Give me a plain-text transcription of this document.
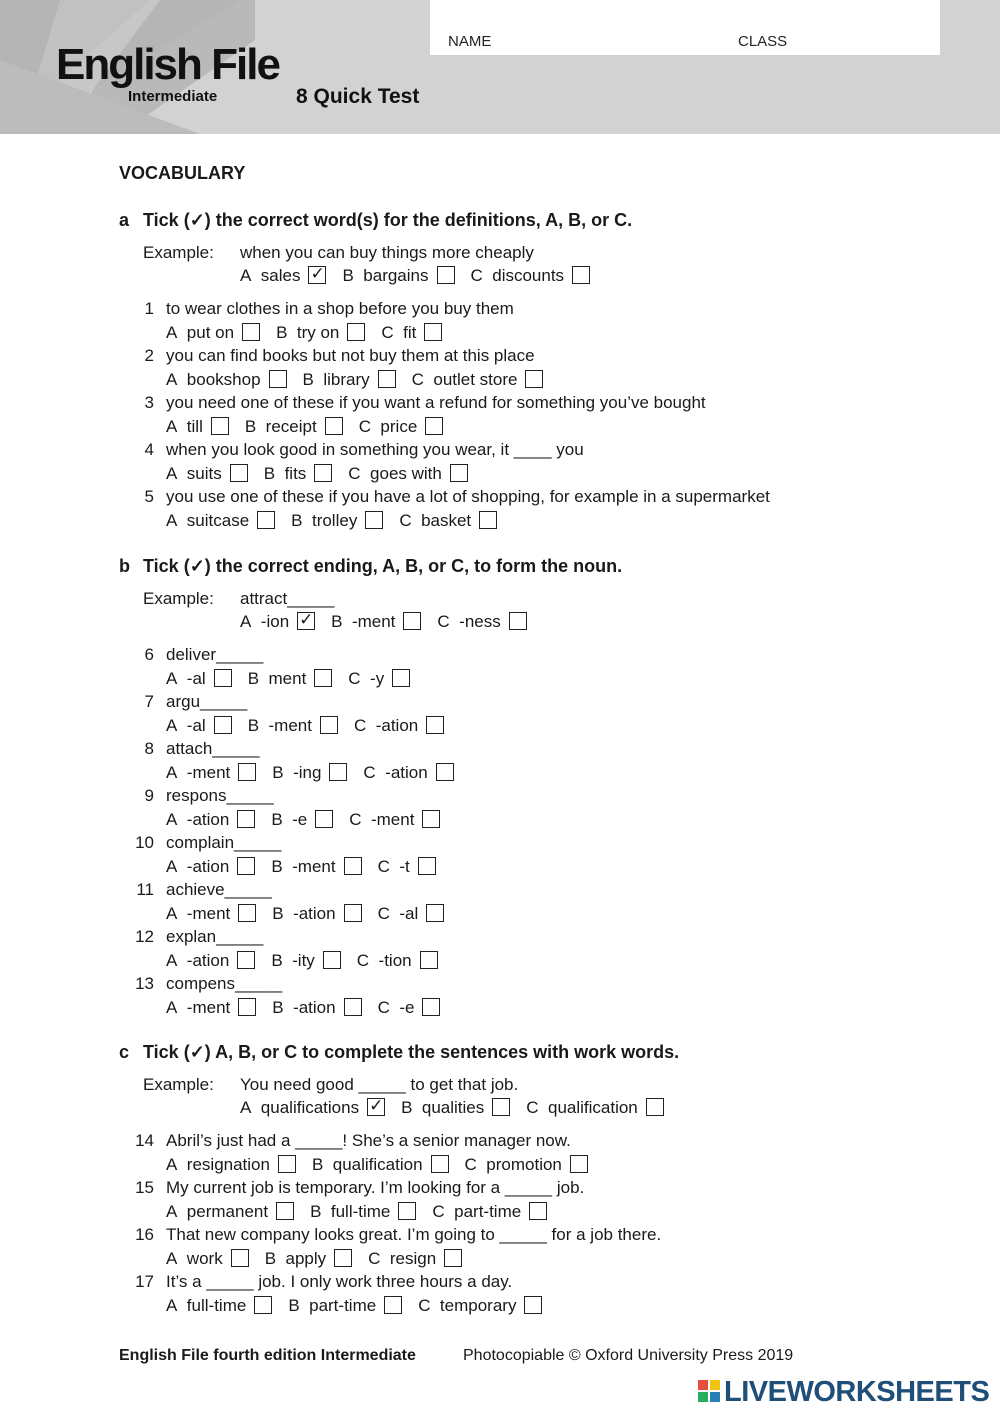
English File
Intermediate	8 Quick Test
NAME	CLASS
VOCABULARY
a Tick (✓) the correct word(s) for the definitions, A, B, or C.
Example: when you can buy things more cheaply
A sales ✓ B bargains C discounts
1 to wear clothes in a shop before you buy them
A put on B try on C fit
2 you can find books but not buy them at this place
A bookshop B library C outlet store
3 you need one of these if you want a refund for something you’ve bought
A till B receipt C price
4 when you look good in something you wear, it ____ you
A suits B fits C goes with
5 you use one of these if you have a lot of shopping, for example in a supermarket
A suitcase B trolley C basket
b Tick (✓) the correct ending, A, B, or C, to form the noun.
Example: attract_____
A -ion ✓ B -ment C -ness
6 deliver_____
A -al B ment C -y
7 argu_____
A -al B -ment C -ation
8 attach_____
A -ment B -ing C -ation
9 respons_____
A -ation B -e C -ment
10 complain_____
A -ation B -ment C -t
11 achieve_____
A -ment B -ation C -al
12 explan_____
A -ation B -ity C -tion
13 compens_____
A -ment B -ation C -e
c Tick (✓) A, B, or C to complete the sentences with work words.
Example: You need good _____ to get that job.
A qualifications ✓ B qualities C qualification
14 Abril’s just had a _____! She’s a senior manager now.
A resignation B qualification C promotion
15 My current job is temporary. I’m looking for a _____ job.
A permanent B full-time C part-time
16 That new company looks great. I’m going to _____ for a job there.
A work B apply C resign
17 It’s a _____ job. I only work three hours a day.
A full-time B part-time C temporary
English File fourth edition Intermediate	Photocopiable © Oxford University Press 2019
LIVEWORKSHEETS
